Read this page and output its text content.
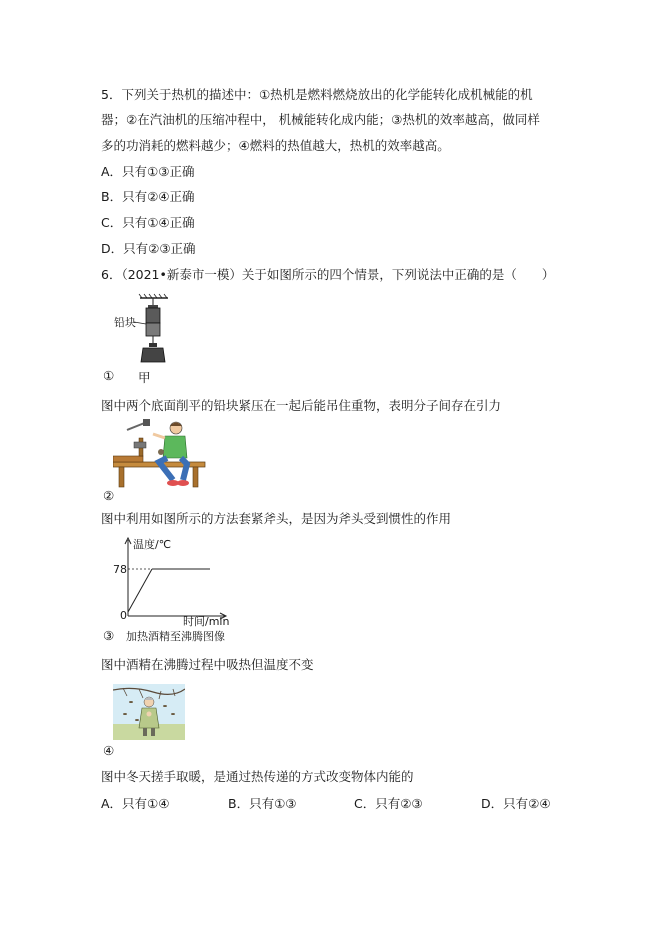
5．下列关于热机的描述中：①热机是燃料燃烧放出的化学能转化成机械能的机
器；②在汽油机的压缩冲程中， 机械能转化成内能；③热机的效率越高，做同样
多的功消耗的燃料越少；④燃料的热值越大，热机的效率越高。
A．只有①③正确
B．只有②④正确
C．只有①④正确
D．只有②③正确
6．（2021•新泰市一模）关于如图所示的四个情景，下列说法中正确的是（　　）
铅块
① 甲
图中两个底面削平的铅块紧压在一起后能吊住重物，表明分子间存在引力
②
图中利用如图所示的方法套紧斧头，是因为斧头受到惯性的作用
温度/℃
78
0	时间/min
③ 加热酒精至沸腾图像
图中酒精在沸腾过程中吸热但温度不变
④
图中冬天搓手取暖，是通过热传递的方式改变物体内能的
A．只有①④	B．只有①③	C．只有②③	D．只有②④
